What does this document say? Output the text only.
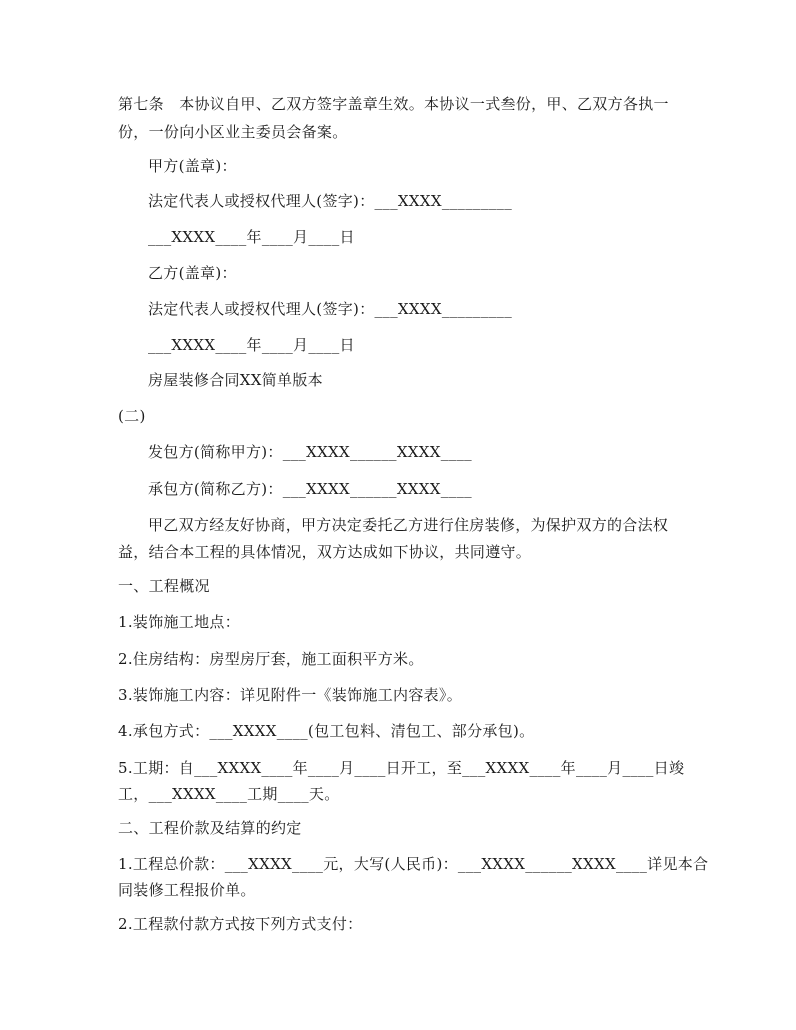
第七条　本协议自甲、乙双方签字盖章生效。本协议一式叁份，甲、乙双方各执一
份，一份向小区业主委员会备案。
甲方(盖章)：
法定代表人或授权代理人(签字)：___XXXX_________
___XXXX____年____月____日
乙方(盖章)：
法定代表人或授权代理人(签字)：___XXXX_________
___XXXX____年____月____日
房屋装修合同XX简单版本
(二)
发包方(简称甲方)：___XXXX______XXXX____
承包方(简称乙方)：___XXXX______XXXX____
甲乙双方经友好协商，甲方决定委托乙方进行住房装修，为保护双方的合法权
益，结合本工程的具体情况，双方达成如下协议，共同遵守。
一、工程概况
1.装饰施工地点：
2.住房结构：房型房厅套，施工面积平方米。
3.装饰施工内容：详见附件一《装饰施工内容表》。
4.承包方式：___XXXX____(包工包料、清包工、部分承包)。
5.工期：自___XXXX____年____月____日开工，至___XXXX____年____月____日竣
工，___XXXX____工期____天。
二、工程价款及结算的约定
1.工程总价款：___XXXX____元，大写(人民币)：___XXXX______XXXX____详见本合
同装修工程报价单。
2.工程款付款方式按下列方式支付：
